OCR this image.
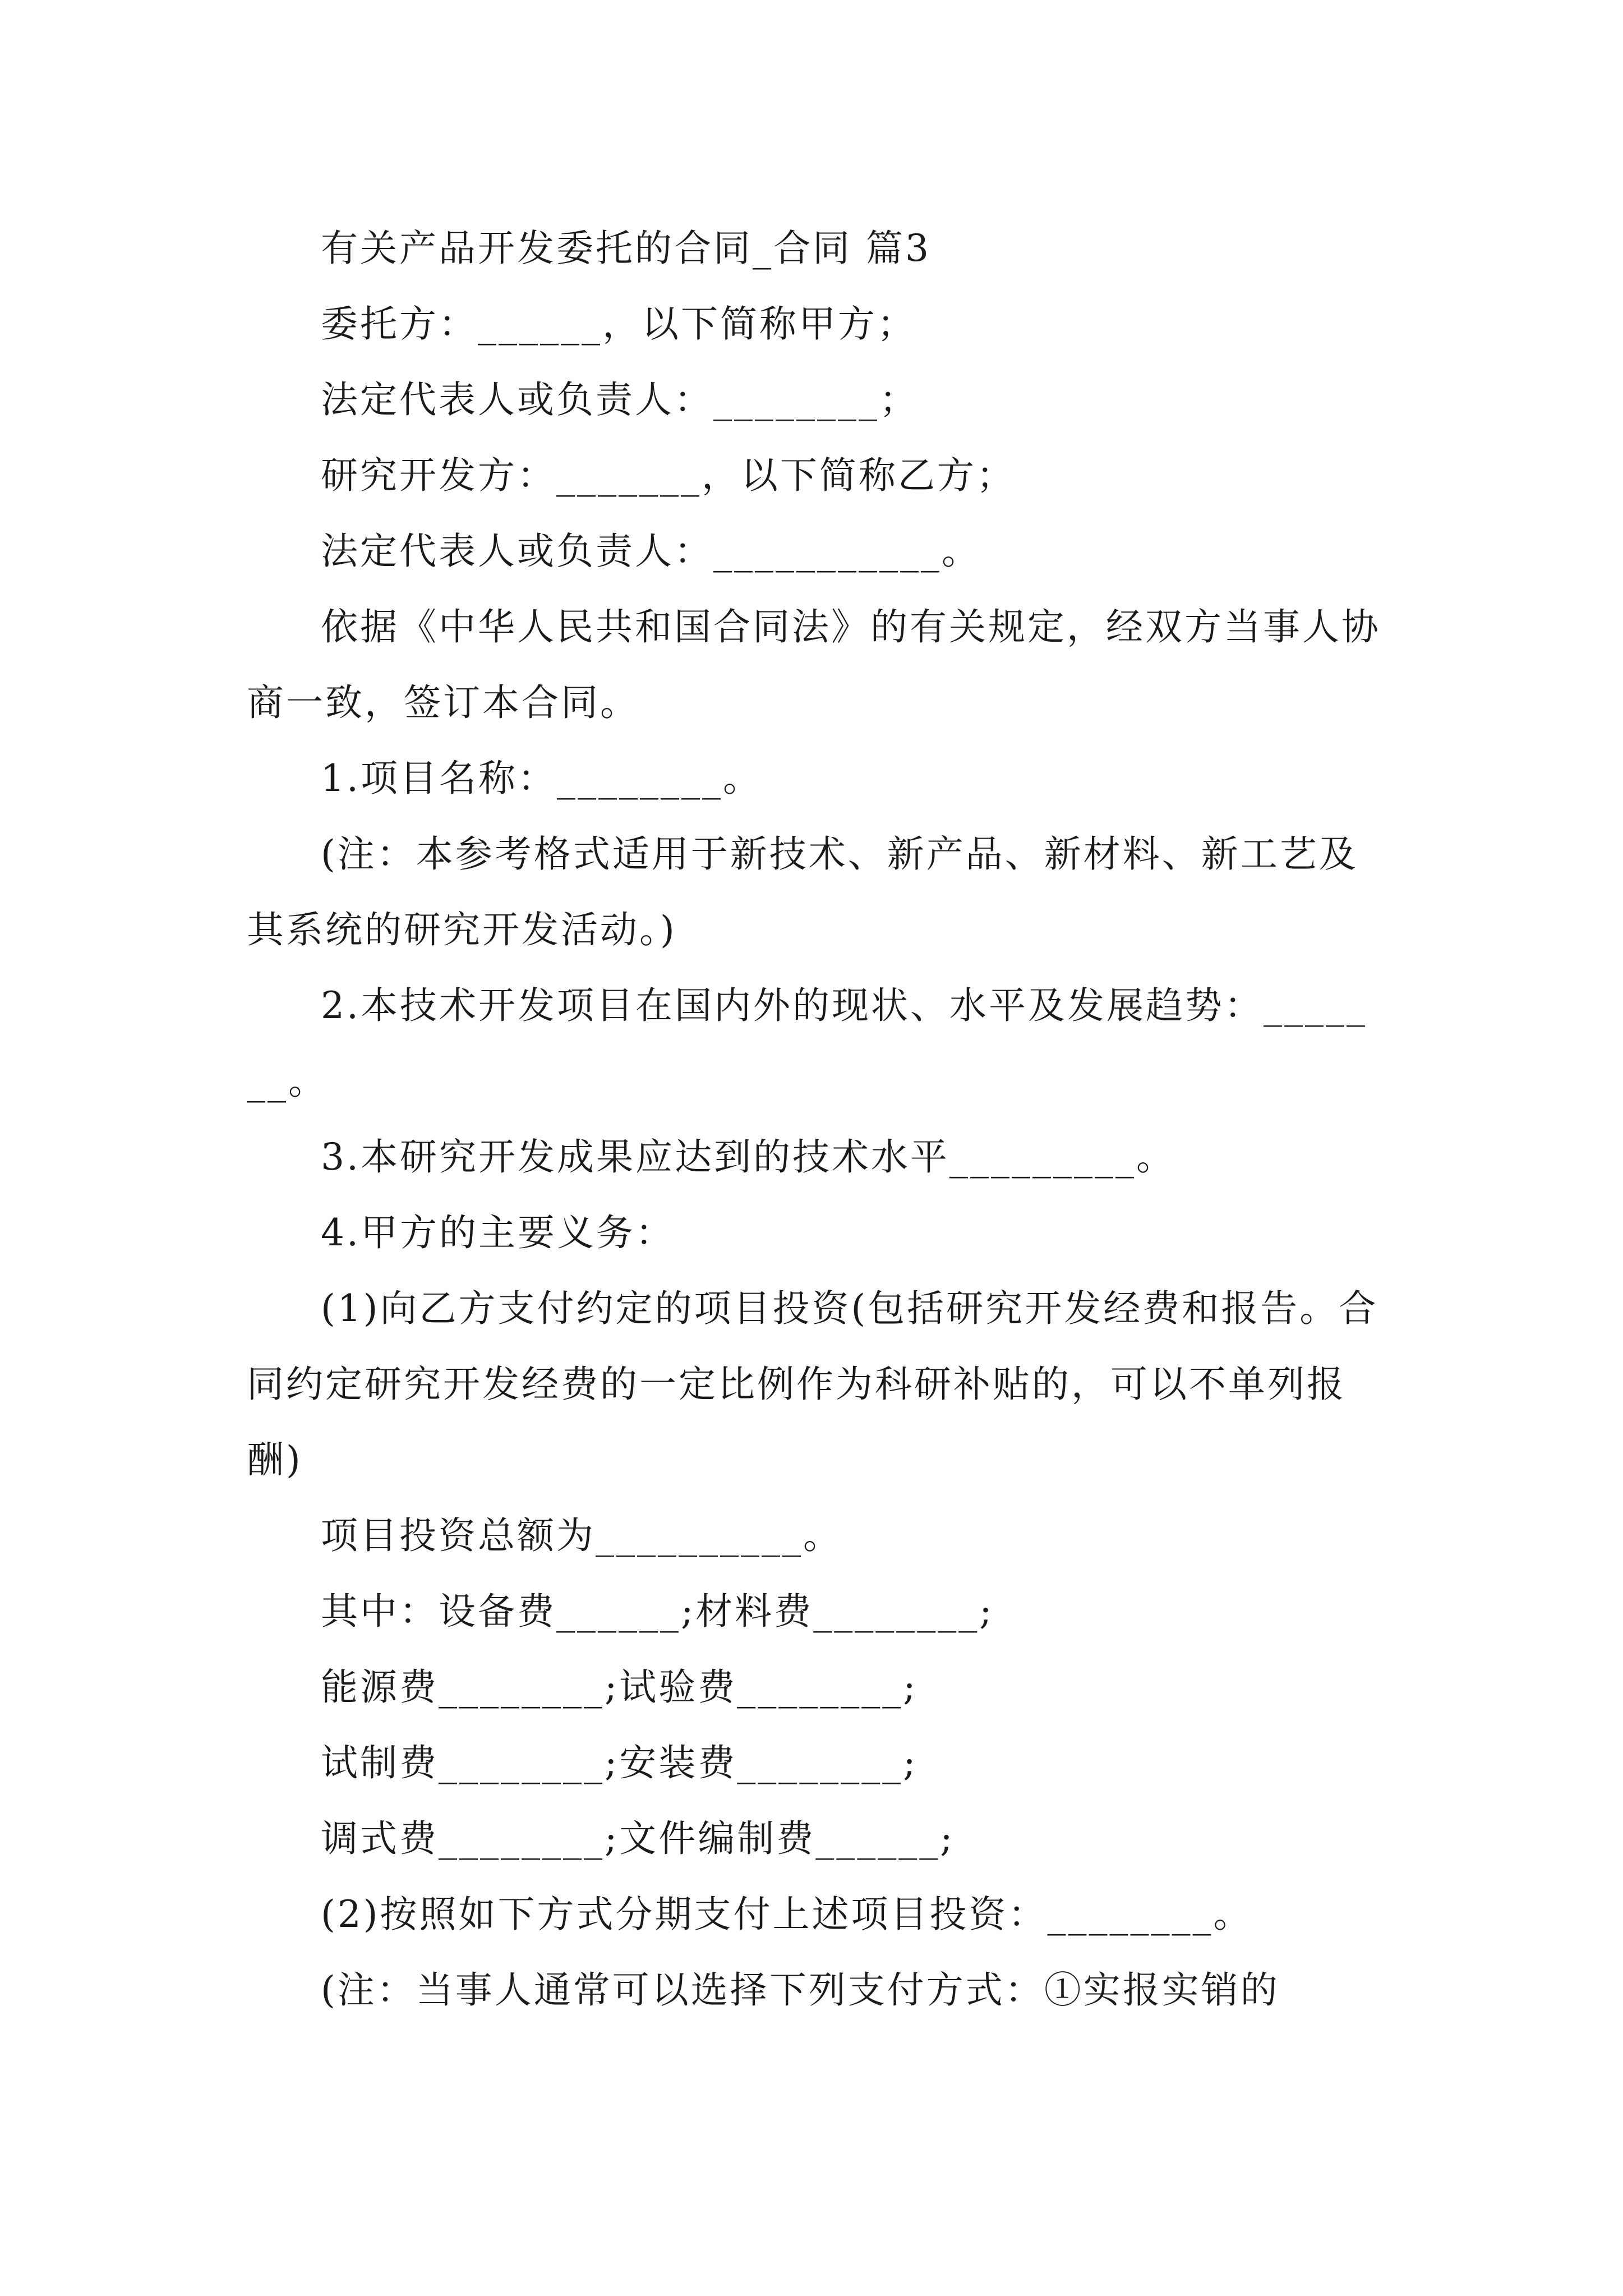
有关产品开发委托的合同_合同 篇3

委托方：______，以下简称甲方；

法定代表人或负责人：________；

研究开发方：_______，以下简称乙方；

法定代表人或负责人：___________。

依据《中华人民共和国合同法》的有关规定，经双方当事人协商一致，签订本合同。

1.项目名称：________。

(注：本参考格式适用于新技术、新产品、新材料、新工艺及其系统的研究开发活动。)

2.本技术开发项目在国内外的现状、水平及发展趋势：_______。

3.本研究开发成果应达到的技术水平_________。

4.甲方的主要义务：

(1)向乙方支付约定的项目投资(包括研究开发经费和报告。合同约定研究开发经费的一定比例作为科研补贴的，可以不单列报酬)

项目投资总额为__________。

其中：设备费______;材料费________;

能源费________;试验费________;

试制费________;安装费________;

调式费________;文件编制费______;

(2)按照如下方式分期支付上述项目投资：________。

(注：当事人通常可以选择下列支付方式：①实报实销的
